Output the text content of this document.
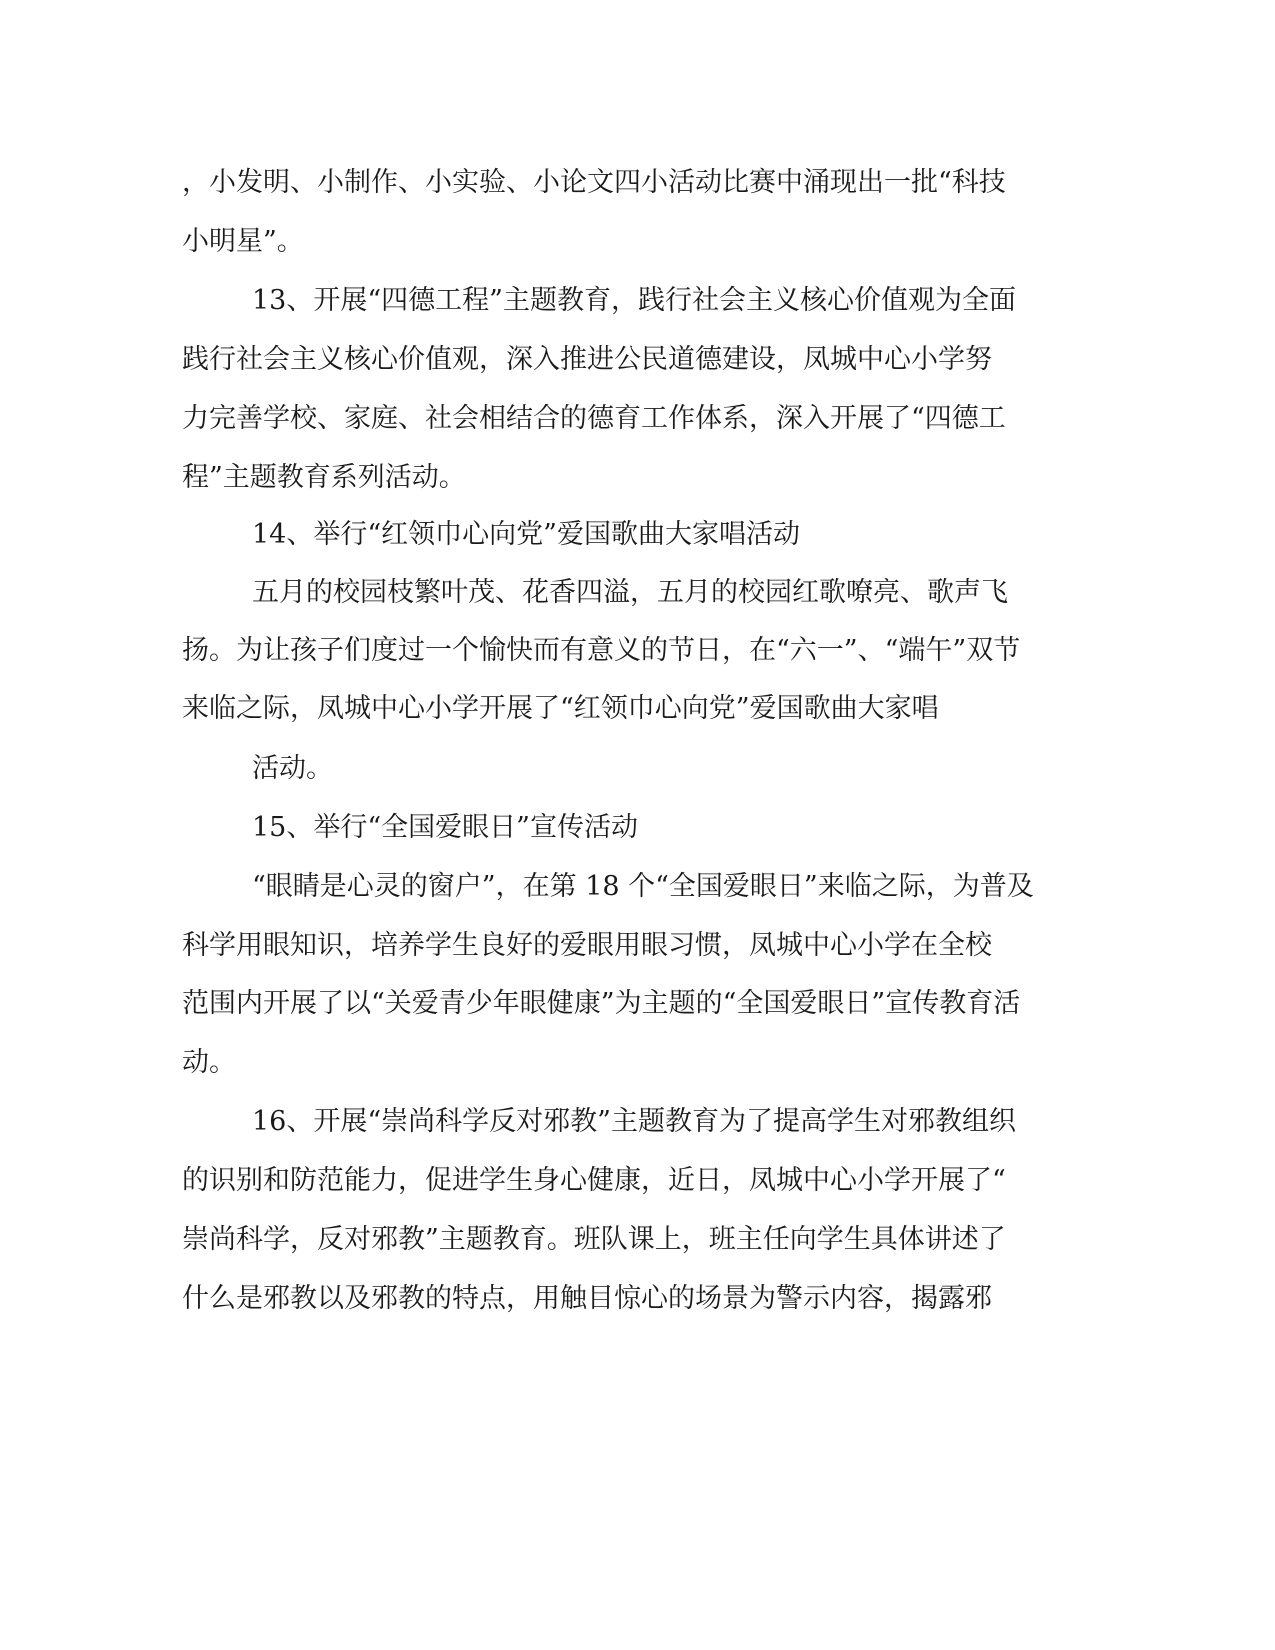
，小发明、小制作、小实验、小论文四小活动比赛中涌现出一批“科技

小明星”。

13、开展“四德工程”主题教育，践行社会主义核心价值观为全面

践行社会主义核心价值观，深入推进公民道德建设，凤城中心小学努

力完善学校、家庭、社会相结合的德育工作体系，深入开展了“四德工

程”主题教育系列活动。

14、举行“红领巾心向党”爱国歌曲大家唱活动

五月的校园枝繁叶茂、花香四溢，五月的校园红歌嘹亮、歌声飞

扬。为让孩子们度过一个愉快而有意义的节日，在“六一”、“端午”双节

来临之际，凤城中心小学开展了“红领巾心向党”爱国歌曲大家唱

活动。

15、举行“全国爱眼日”宣传活动

“眼睛是心灵的窗户”，在第 18 个“全国爱眼日”来临之际，为普及

科学用眼知识，培养学生良好的爱眼用眼习惯，凤城中心小学在全校

范围内开展了以“关爱青少年眼健康”为主题的“全国爱眼日”宣传教育活

动。

16、开展“崇尚科学反对邪教”主题教育为了提高学生对邪教组织

的识别和防范能力，促进学生身心健康，近日，凤城中心小学开展了“

崇尚科学，反对邪教”主题教育。班队课上，班主任向学生具体讲述了

什么是邪教以及邪教的特点，用触目惊心的场景为警示内容，揭露邪
